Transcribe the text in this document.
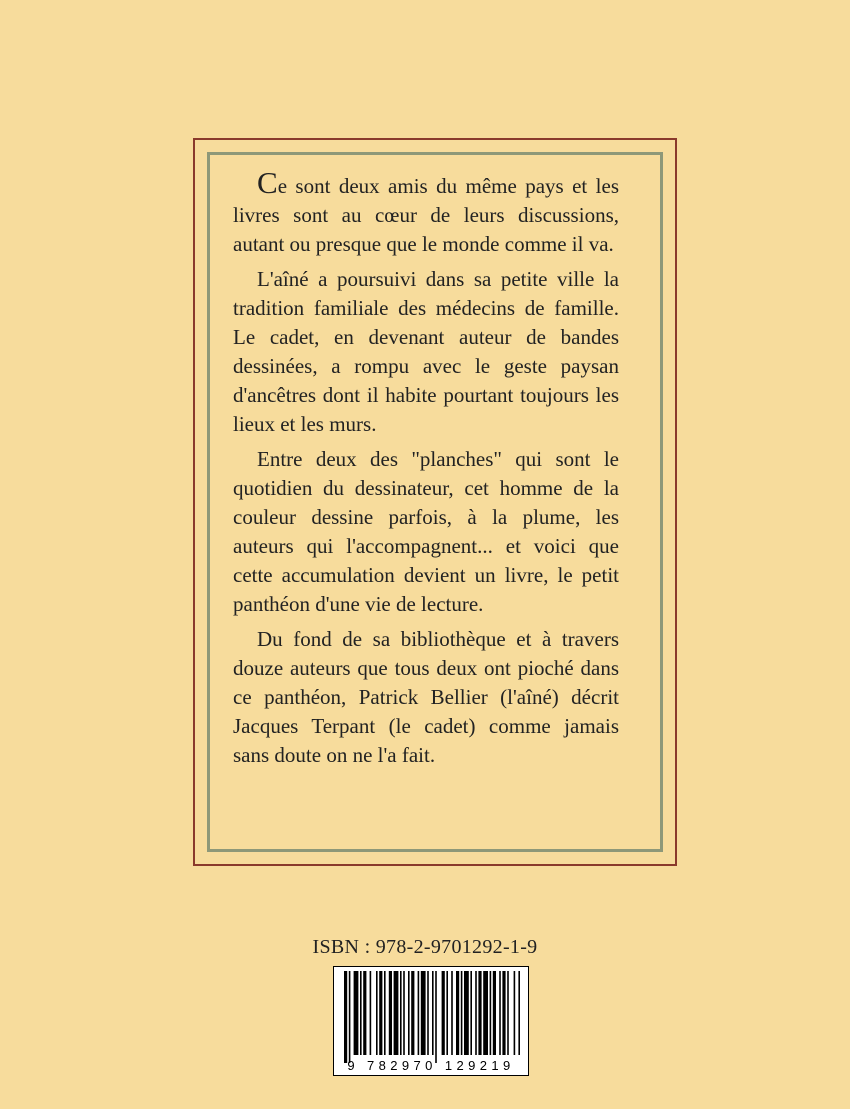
Ce sont deux amis du même pays et les livres sont au cœur de leurs discussions, autant ou presque que le monde comme il va.

L'aîné a poursuivi dans sa petite ville la tradition familiale des médecins de famille. Le cadet, en devenant auteur de bandes dessinées, a rompu avec le geste paysan d'ancêtres dont il habite pourtant toujours les lieux et les murs.

Entre deux des "planches" qui sont le quotidien du dessinateur, cet homme de la couleur dessine parfois, à la plume, les auteurs qui l'accompagnent... et voici que cette accumulation devient un livre, le petit panthéon d'une vie de lecture.

Du fond de sa bibliothèque et à travers douze auteurs que tous deux ont pioché dans ce panthéon, Patrick Bellier (l'aîné) décrit Jacques Terpant (le cadet) comme jamais sans doute on ne l'a fait.

ISBN : 978-2-9701292-1-9
9 782970 129219
